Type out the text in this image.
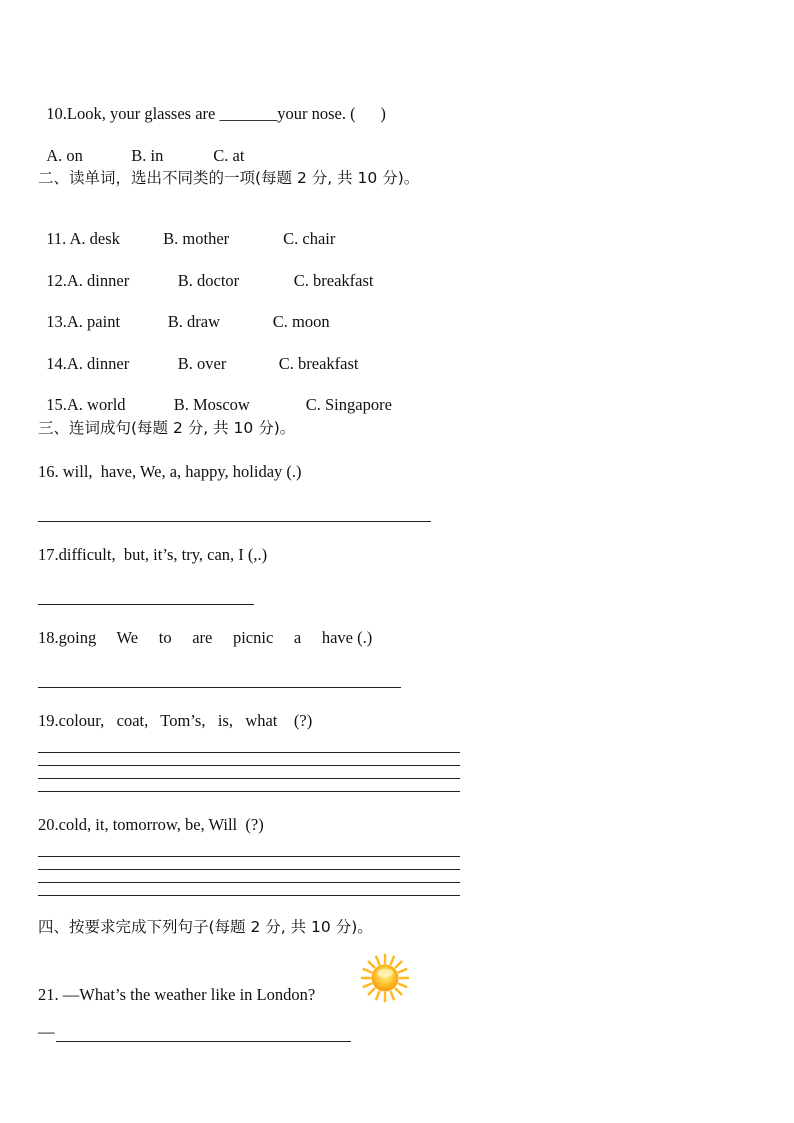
10.Look, your glasses are _______your nose. (      )

A. on	B. in	C. at

二、读单词，选出不同类的一项(每题 2 分, 共 10 分)。

11. A. desk	B. mother	C. chair

12.A. dinner	B. doctor	C. breakfast

13.A. paint	B. draw	C. moon

14.A. dinner	B. over	C. breakfast

15.A. world	B. Moscow	C. Singapore

三、连词成句(每题 2 分, 共 10 分)。
16. will,  have, We, a, happy, holiday (.)
17.difficult,  but, it’s, try, can, I (,.)
18.going     We     to     are     picnic     a     have (.)
19.colour,   coat,   Tom’s,   is,   what    (?)
20.cold, it, tomorrow, be, Will  (?)
四、按要求完成下列句子(每题 2 分, 共 10 分)。
21. —What’s the weather like in London?
—
